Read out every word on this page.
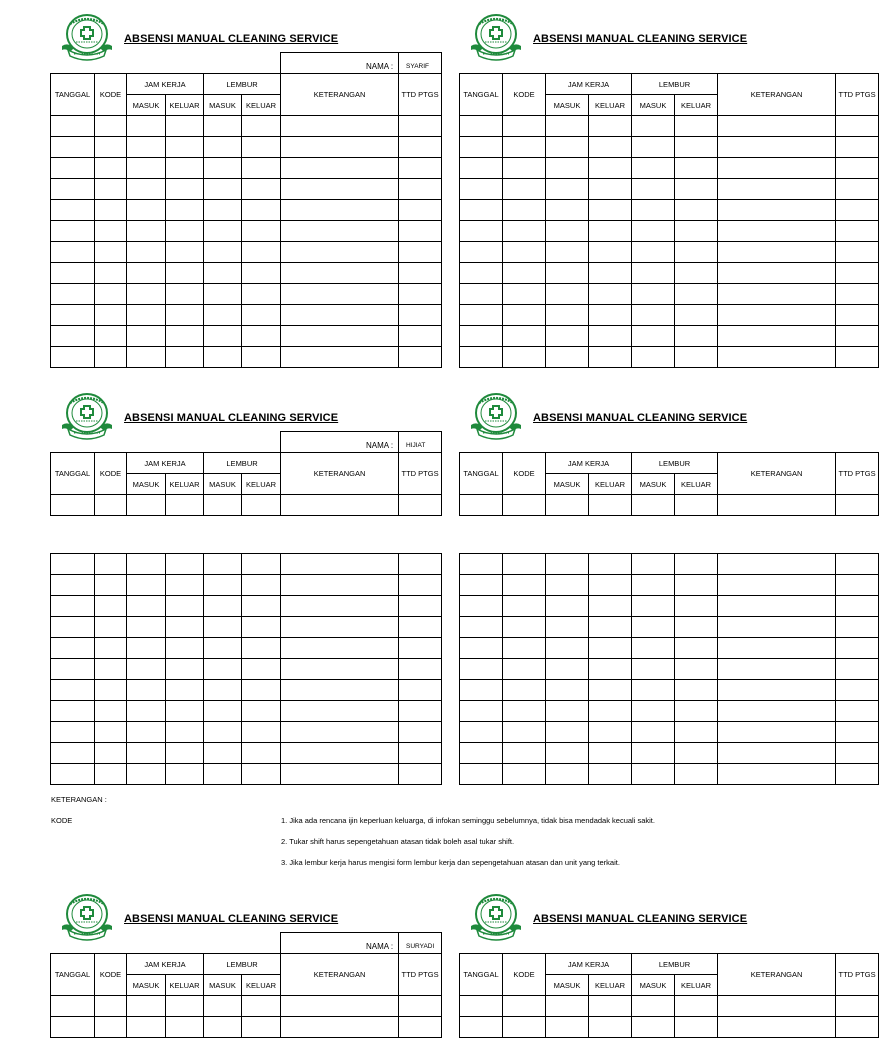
ABSENSI MANUAL CLEANING SERVICE
NAMA : SYARIF
TANGGAL	KODE	JAM KERJA		LEMBUR		KETERANGAN	TTD PTGS
		MASUK	KELUAR	MASUK	KELUAR		

ABSENSI MANUAL CLEANING SERVICE
TANGGAL	KODE	JAM KERJA		LEMBUR		KETERANGAN	TTD PTGS
		MASUK	KELUAR	MASUK	KELUAR		

ABSENSI MANUAL CLEANING SERVICE
NAMA : HIJIAT
TANGGAL	KODE	JAM KERJA		LEMBUR		KETERANGAN	TTD PTGS
		MASUK	KELUAR	MASUK	KELUAR		

ABSENSI MANUAL CLEANING SERVICE
TANGGAL	KODE	JAM KERJA		LEMBUR		KETERANGAN	TTD PTGS
		MASUK	KELUAR	MASUK	KELUAR		

ABSENSI MANUAL CLEANING SERVICE
NAMA : SURYADI
TANGGAL	KODE	JAM KERJA		LEMBUR		KETERANGAN	TTD PTGS
		MASUK	KELUAR	MASUK	KELUAR		

ABSENSI MANUAL CLEANING SERVICE
TANGGAL	KODE	JAM KERJA		LEMBUR		KETERANGAN	TTD PTGS
		MASUK	KELUAR	MASUK	KELUAR		

KETERANGAN :
KODE	1. Jika ada rencana ijin keperluan keluarga, di infokan seminggu sebelumnya, tidak bisa mendadak kecuali sakit.
2. Tukar shift harus sepengetahuan atasan tidak boleh asal tukar shift.
3. Jika lembur kerja harus mengisi form lembur kerja dan sepengetahuan atasan dan unit yang terkait.
